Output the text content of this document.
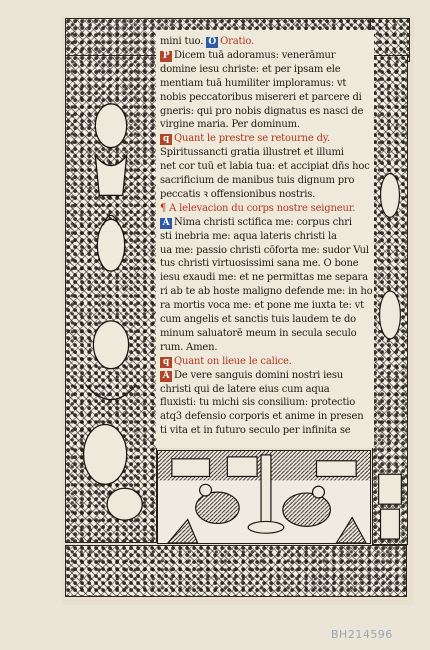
mini tuo. O Oratio.
P Dicem tuā adoramus: venerāmur
domine iesu christe: et per ipsam ele
mentiam tuā humiliter imploramus: vt
nobis peccatoribus misereri et parcere di
gneris: qui pro nobis dignatus es nasci de
virgine maria. Per dominum.
q Quant le prestre se retourne dy.
Spiritussancti gratia illustret et illumi
net cor tuū et labia tua: et accipiat dñs hoc
sacrificium de manibus tuis dignum pro
peccatis ꝛ offensionibus nostris.
¶ A lelevacion du corps nostre seigneur.
A Nima christi sctifica me: corpus chri
sti inebria me: aqua lateris christi la
ua me: passio christi cōforta me: sudor Vul
tus christi virtuosissimi sana me. O bone
iesu exaudi me: et ne permittas me separa
ri ab te ab hoste maligno defende me: in ho
ra mortis voca me: et pone me iuxta te: vt
cum angelis et sanctis tuis laudem te do
minum saluatorē meum in secula seculo
rum. Amen.
q Quant on lieue le calice.
A De vere sanguis domini nostri iesu
christi qui de latere eius cum aqua
fluxisti: tu michi sis consilium: protectio
atq3 defensio corporis et anime in presen
ti vita et in futuro seculo per infinita se
BH214596
